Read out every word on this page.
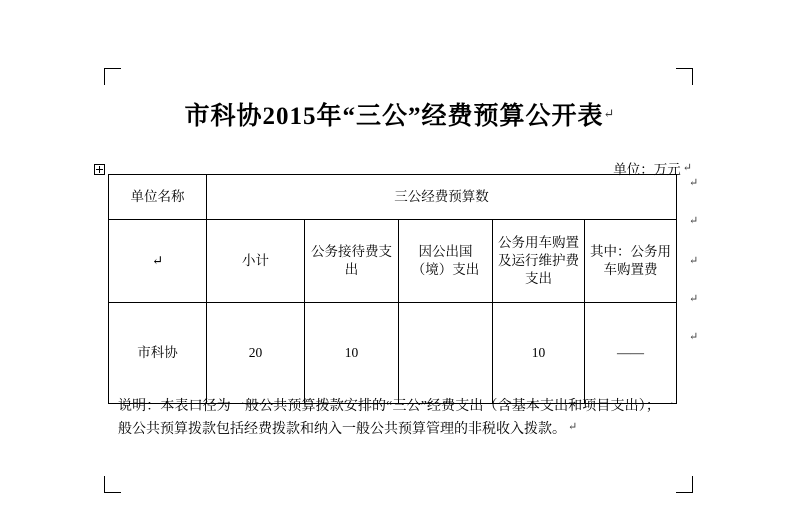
市科协2015年“三公”经费预算公开表↵
单位：万元 ↵
单位名称	三公经费预算数				
↵	小计	公务接待费支出	因公出国（境）支出	公务用车购置及运行维护费支出	其中：公务用车购置费
市科协	20	10		10	——
说明：本表口径为一般公共预算拨款安排的“三公”经费支出（含基本支出和项目支出）；一般公共预算拨款包括经费拨款和纳入一般公共预算管理的非税收入拨款。 ↵
↵
↵
↵
↵
↵
